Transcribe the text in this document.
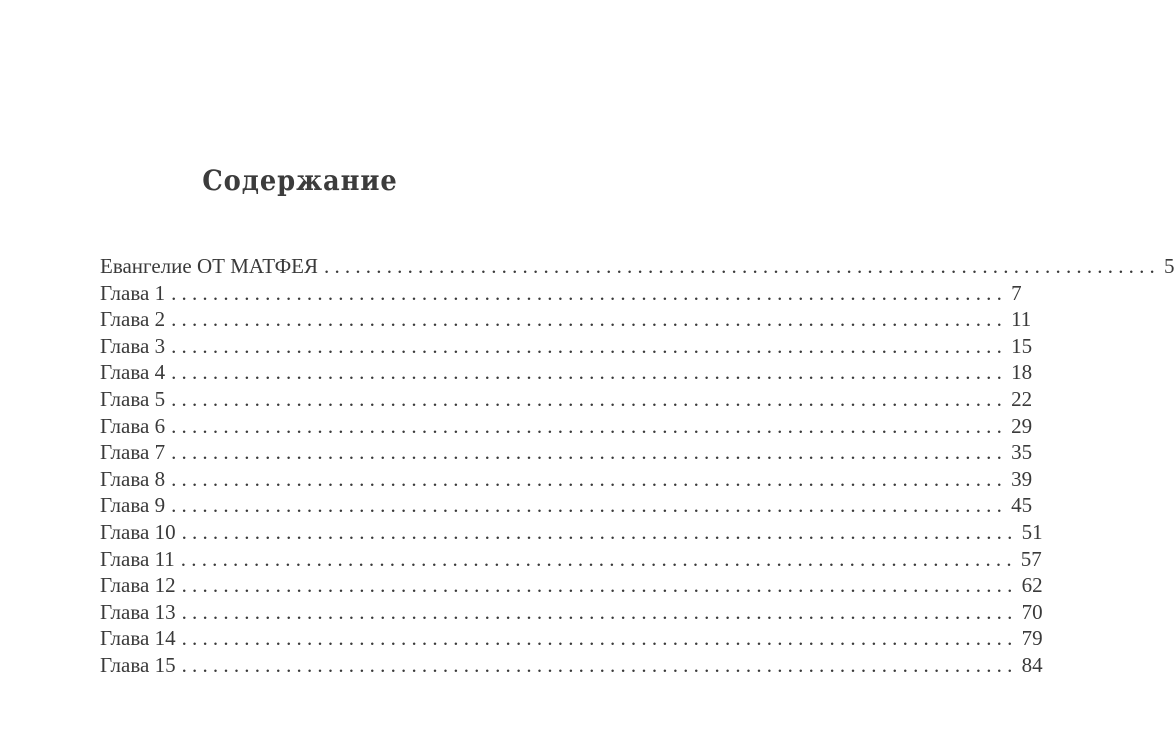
Содержание
Евангелие ОТ МАТФЕЯ ................................................................................ 5
Глава 1 ................................................................................ 7
Глава 2 ................................................................................ 11
Глава 3 ................................................................................ 15
Глава 4 ................................................................................ 18
Глава 5 ................................................................................ 22
Глава 6 ................................................................................ 29
Глава 7 ................................................................................ 35
Глава 8 ................................................................................ 39
Глава 9 ................................................................................ 45
Глава 10 ................................................................................ 51
Глава 11 ................................................................................ 57
Глава 12 ................................................................................ 62
Глава 13 ................................................................................ 70
Глава 14 ................................................................................ 79
Глава 15 ................................................................................ 84
